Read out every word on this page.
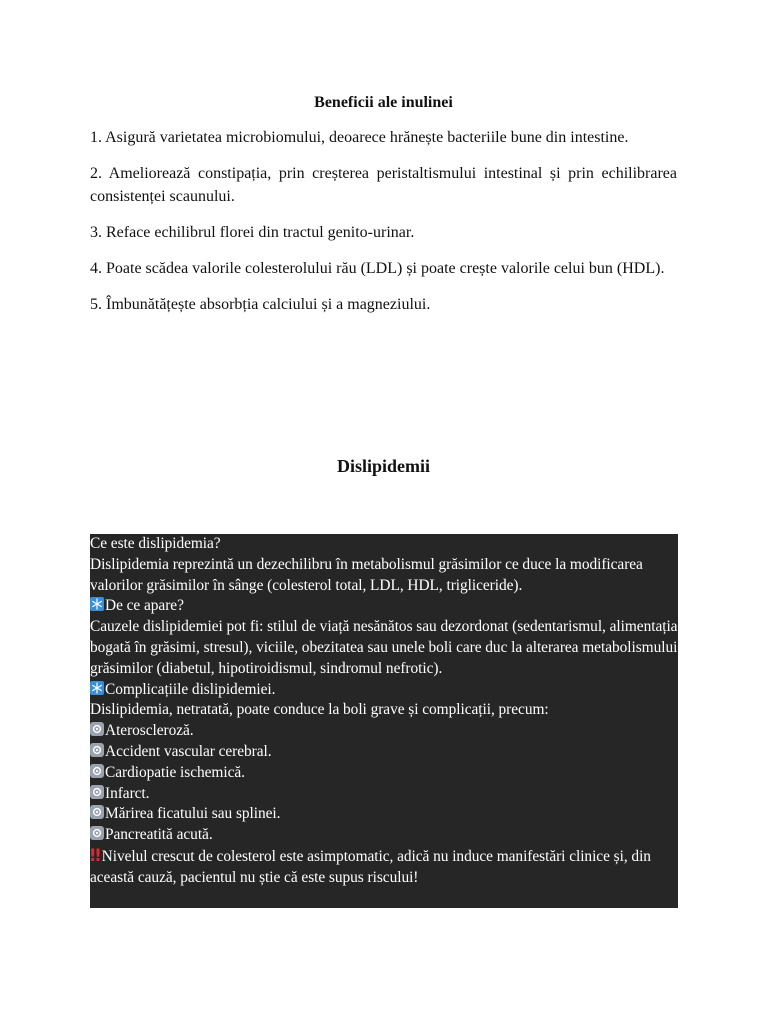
Beneficii ale inulinei

1. Asigură varietatea microbiomului, deoarece hrănește bacteriile bune din intestine.

2. Ameliorează constipația, prin creșterea peristaltismului intestinal și prin echilibrarea consistenței scaunului.

3. Reface echilibrul florei din tractul genito-urinar.

4. Poate scădea valorile colesterolului rău (LDL) și poate crește valorile celui bun (HDL).

5. Îmbunătățește absorbția calciului și a magneziului.

Dislipidemii
Ce este dislipidemia?
Dislipidemia reprezintă un dezechilibru în metabolismul grăsimilor ce duce la modificarea valorilor grăsimilor în sânge (colesterol total, LDL, HDL, trigliceride).
De ce apare?
Cauzele dislipidemiei pot fi: stilul de viață nesănătos sau dezordonat (sedentarismul, alimentația bogată în grăsimi, stresul), viciile, obezitatea sau unele boli care duc la alterarea metabolismului grăsimilor (diabetul, hipotiroidismul, sindromul nefrotic).
Complicațiile dislipidemiei.
Dislipidemia, netratată, poate conduce la boli grave și complicații, precum:
Ateroscleroză.
Accident vascular cerebral.
Cardiopatie ischemică.
Infarct.
Mărirea ficatului sau splinei.
Pancreatită acută.
‼Nivelul crescut de colesterol este asimptomatic, adică nu induce manifestări clinice și, din această cauză, pacientul nu știe că este supus riscului!
